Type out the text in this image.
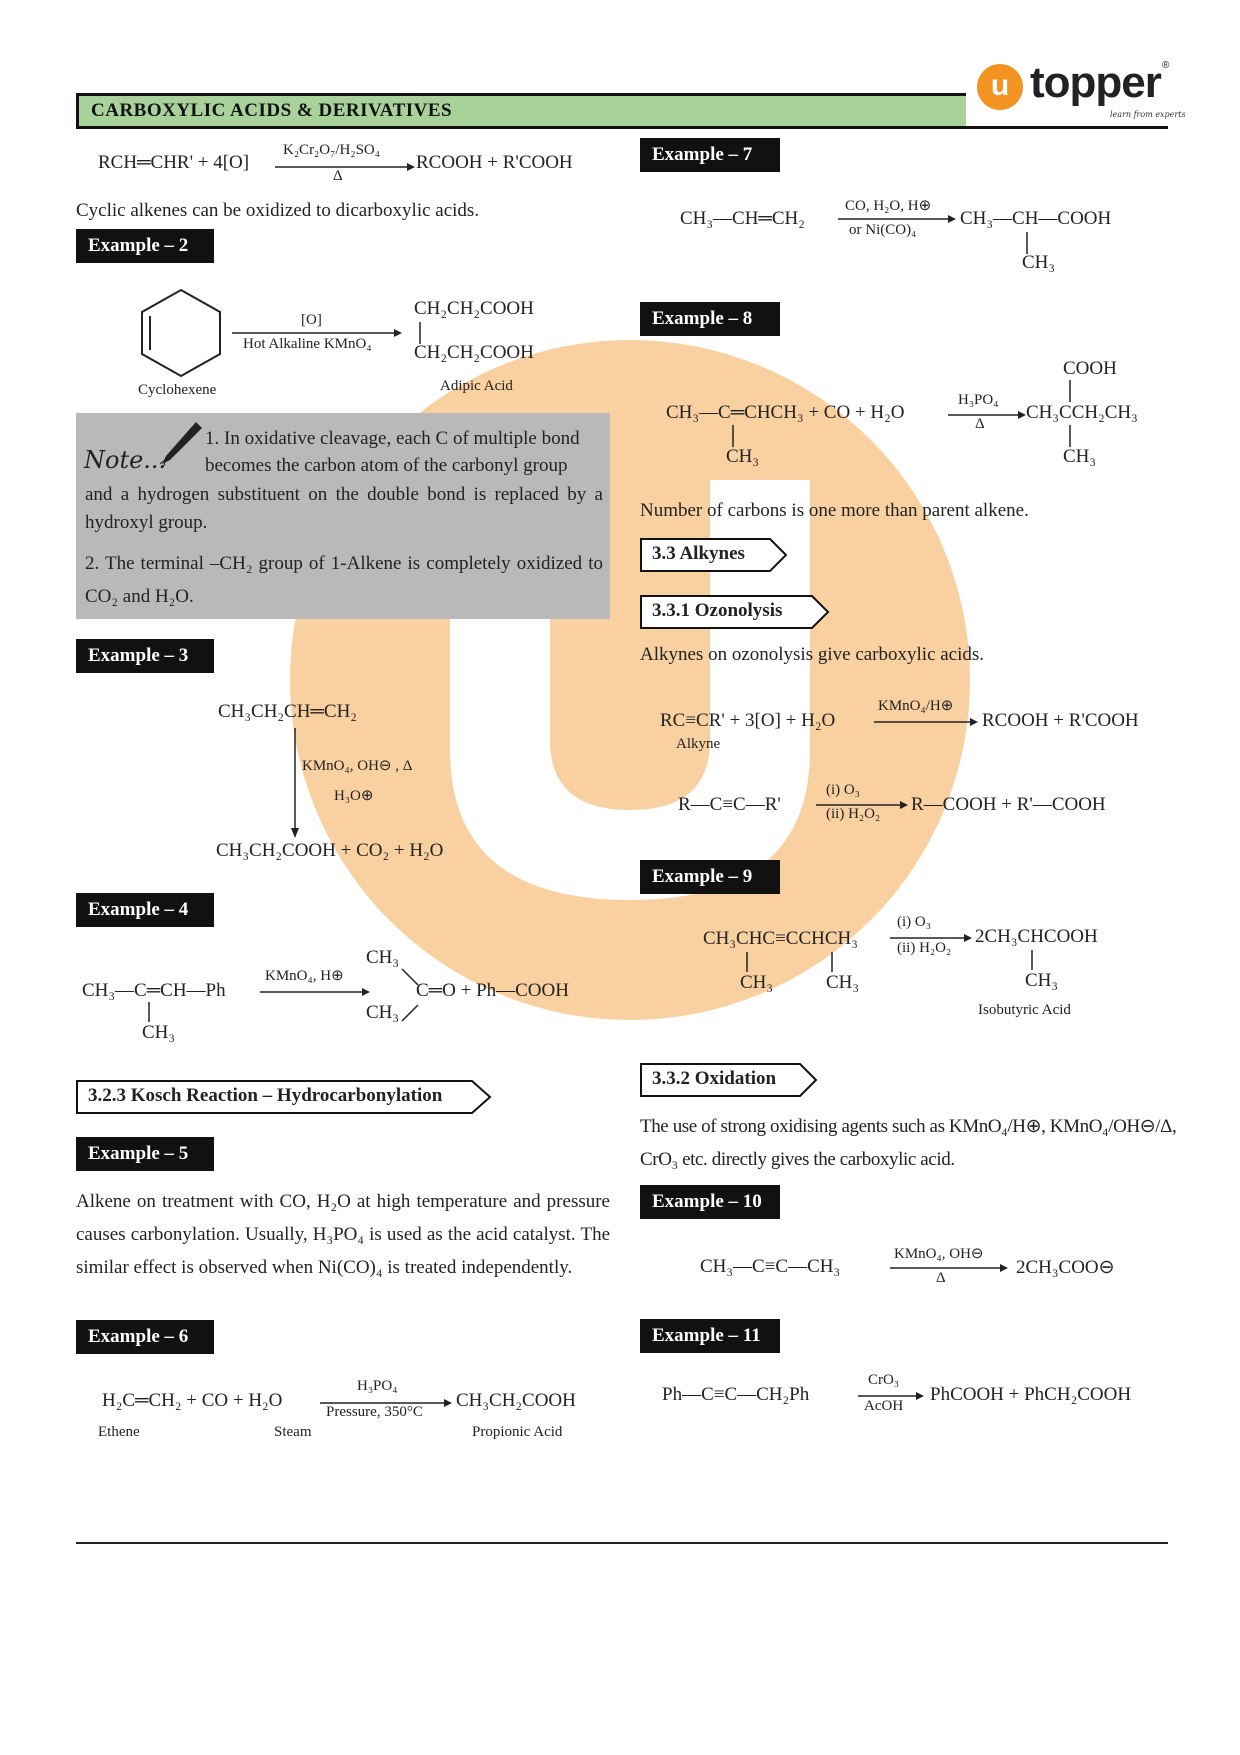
CARBOXYLIC ACIDS & DERIVATIVES
u topper ®
learn from experts
RCH═CHR' + 4[O]
K₂Cr₂O₇/H₂SO₄
Δ
RCOOH + R'COOH
Cyclic alkenes can be oxidized to dicarboxylic acids.
Example – 2
Cyclohexene
[O]
Hot Alkaline KMnO₄
CH₂CH₂COOH
CH₂CH₂COOH
Adipic Acid
Note...
1. In oxidative cleavage, each C of multiple bond
becomes the carbon atom of the carbonyl group
and a hydrogen substituent on the double bond is replaced by a hydroxyl group.
2. The terminal –CH₂ group of 1-Alkene is completely oxidized to CO₂ and H₂O.
Example – 3
CH₃CH₂CH═CH₂
KMnO₄, OH⊖ , Δ
H₃O⊕
CH₃CH₂COOH + CO₂ + H₂O
Example – 4
CH₃—C═CH—Ph
CH₃
KMnO₄, H⊕
CH₃
C═O + Ph—COOH
CH₃
3.2.3 Kosch Reaction – Hydrocarbonylation
Example – 5
Alkene on treatment with CO, H₂O at high temperature and pressure causes carbonylation. Usually, H₃PO₄ is used as the acid catalyst. The similar effect is observed when Ni(CO)₄ is treated independently.
Example – 6
H₂C═CH₂ + CO + H₂O
H₃PO₄
Pressure, 350°C
CH₃CH₂COOH
Ethene	Steam	Propionic Acid
Example – 7
CH₃—CH═CH₂
CO, H₂O, H⊕
or Ni(CO)₄
CH₃—CH—COOH
CH₃
Example – 8
COOH
CH₃—C═CHCH₃ + CO + H₂O
CH₃
H₃PO₄
Δ
CH₃CCH₂CH₃
CH₃
Number of carbons is one more than parent alkene.
3.3 Alkynes
3.3.1 Ozonolysis
Alkynes on ozonolysis give carboxylic acids.
RC≡CR' + 3[O] + H₂O
KMnO₄/H⊕
RCOOH + R'COOH
Alkyne
R—C≡C—R'
(i) O₃
(ii) H₂O₂ R—COOH + R'—COOH
Example – 9
CH₃CHC≡CCHCH₃
CH₃	CH₃
(i) O₃
(ii) H₂O₂
2CH₃CHCOOH
CH₃
Isobutyric Acid
3.3.2 Oxidation
The use of strong oxidising agents such as KMnO₄/H⊕, KMnO₄/OH⊖/Δ, CrO₃ etc. directly gives the carboxylic acid.
Example – 10
CH₃—C≡C—CH₃
KMnO₄, OH⊖
Δ	2CH₃COO⊖
Example – 11
Ph—C≡C—CH₂Ph
CrO₃
AcOH
PhCOOH + PhCH₂COOH
